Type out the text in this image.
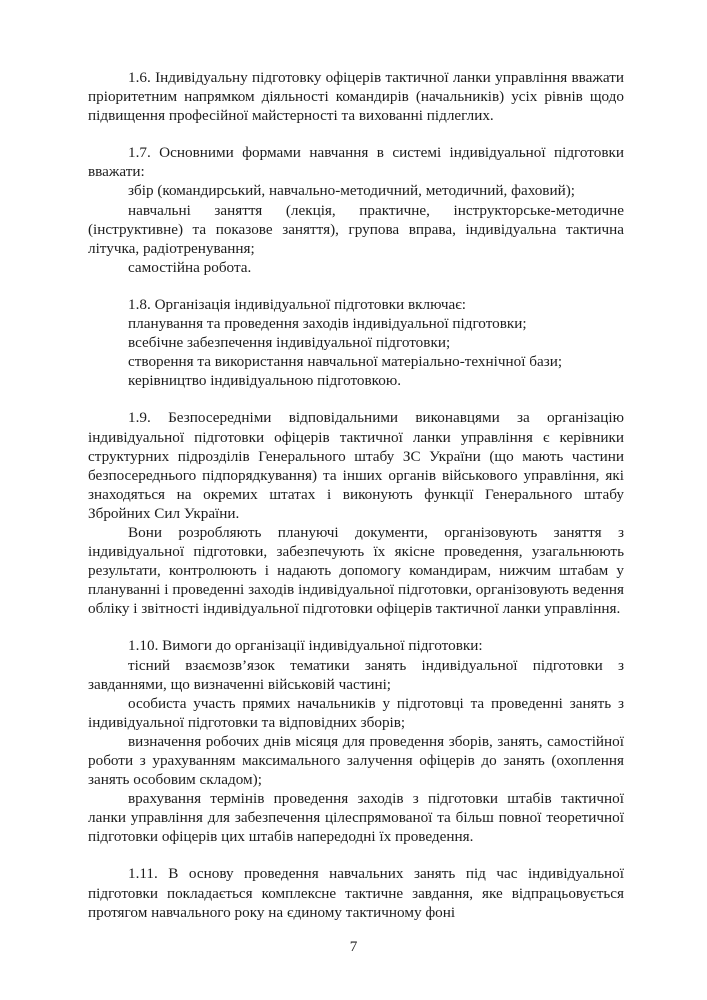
1.6. Індивідуальну підготовку офіцерів тактичної ланки управління вважати пріоритетним напрямком діяльності командирів (начальників) усіх рівнів щодо підвищення професійної майстерності та вихованні підлеглих.

1.7. Основними формами навчання в системі індивідуальної підготовки вважати:

збір (командирський, навчально-методичний, методичний, фаховий);

навчальні заняття (лекція, практичне, інструкторське-методичне (інструктивне) та показове заняття), групова вправа, індивідуальна тактична літучка, радіотренування;

самостійна робота.

1.8. Організація індивідуальної підготовки включає:

планування та проведення заходів індивідуальної підготовки;

всебічне забезпечення індивідуальної підготовки;

створення та використання навчальної матеріально-технічної бази;

керівництво індивідуальною підготовкою.

1.9. Безпосередніми відповідальними виконавцями за організацію індивідуальної підготовки офіцерів тактичної ланки управління є керівники структурних підрозділів Генерального штабу ЗС України (що мають частини безпосереднього підпорядкування) та інших органів військового управління, які знаходяться на окремих штатах і виконують функції Генерального штабу Збройних Сил України.

Вони розробляють плануючі документи, організовують заняття з індивідуальної підготовки, забезпечують їх якісне проведення, узагальнюють результати, контролюють і надають допомогу командирам, нижчим штабам у плануванні і проведенні заходів індивідуальної підготовки, організовують ведення обліку і звітності індивідуальної підготовки офіцерів тактичної ланки управління.

1.10. Вимоги до організації індивідуальної підготовки:

тісний взаємозв’язок тематики занять індивідуальної підготовки з завданнями, що визначенні військовій частині;

особиста участь прямих начальників у підготовці та проведенні занять з індивідуальної підготовки та відповідних зборів;

визначення робочих днів місяця для проведення зборів, занять, самостійної роботи з урахуванням максимального залучення офіцерів до занять (охоплення занять особовим складом);

врахування термінів проведення заходів з підготовки штабів тактичної ланки управління для забезпечення цілеспрямованої та більш повної теоретичної підготовки офіцерів цих штабів напередодні їх проведення.

1.11. В основу проведення навчальних занять під час індивідуальної підготовки покладається комплексне тактичне завдання, яке відпрацьовується протягом навчального року на єдиному тактичному фоні

7
